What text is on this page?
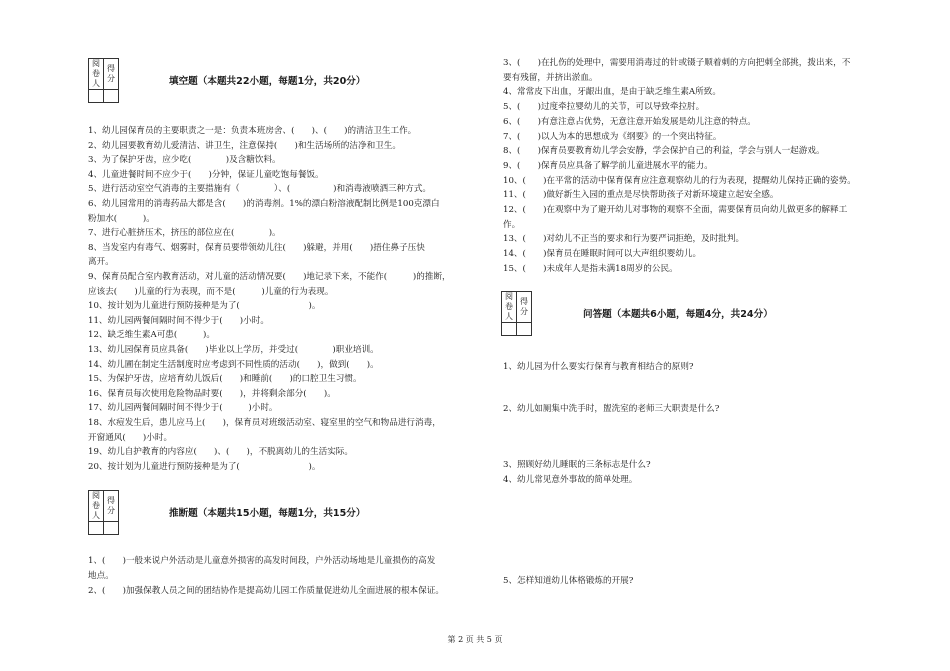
阅卷人	得分
		填空题（本题共22小题，每题1分，共20分）
1、幼儿园保育员的主要职责之一是：负责本班房舍、(　　)、(　　)的清洁卫生工作。
2、幼儿园要教育幼儿爱清洁、讲卫生，注意保持(　　)和生活场所的洁净和卫生。
3、为了保护牙齿，应少吃(　　　　)及含糖饮料。
4、儿童进餐时间不应少于(　　)分钟，保证儿童吃饱每餐饭。
5、进行活动室空气消毒的主要措施有（　　　　）、(　　　　　)和消毒液喷洒三种方式。
6、幼儿园常用的消毒药品大都是含(　　)的消毒剂。1%的漂白粉溶液配制比例是100克漂白
粉加水(　　　)。
7、进行心脏挤压术，挤压的部位应在(　　　　)。
8、当发室内有毒气、烟雾时，保育员要带领幼儿往(　　)躲避，并用(　　)捂住鼻子压快
离开。
9、保育员配合室内教育活动，对儿童的活动情况要(　　)地记录下来，不能作(　　　)的推断，
应该去(　　)儿童的行为表现，而不是(　　　)儿童的行为表现。
10、按计划为儿童进行预防接种是为了(　　　　　　　　)。
11、幼儿园两餐间隔时间不得少于(　　)小时。
12、缺乏维生素A可患(　　　)。
13、幼儿园保育员应具备(　　)毕业以上学历，并受过(　　　　)职业培训。
14、幼儿圃在制定生活制度时应考虑到不同性质的活动(　　)，做到(　　)。
15、为保护牙齿，应培育幼儿饭后(　　)和睡前(　　)的口腔卫生习惯。
16、保育员每次使用危险物品时要(　　)，并将剩余部分(　　)。
17、幼儿园两餐间隔时间不得少于(　　　)小时。
18、水痘发生后，患儿应马上(　　)，保育员对班级活动室、寝室里的空气和物品进行消毒，
开窗通风(　　)小时。
19、幼儿自护教育的内容应(　　)、(　　)，不脱离幼儿的生活实际。
20、按计划为儿童进行预防接种是为了(　　　　　　　　)。
阅卷人	得分
		推断题（本题共15小题，每题1分，共15分）
1、(　　)一般来说户外活动是儿童意外损害的高发时间段，户外活动场地是儿童损伤的高发
地点。
2、(　　)加强保教人员之间的团结协作是提高幼儿园工作质量促进幼儿全面进展的根本保证。
3、(　　)在扎伤的处理中，需要用消毒过的针或镊子顺着刺的方向把刺全部挑，拨出来，不
要有残留，并挤出淤血。
4、常常皮下出血，牙龈出血，是由于缺乏维生素A所致。
5、(　　)过度牵拉婴幼儿的关节，可以导致牵拉肘。
6、(　　)有意注意占优势，无意注意开始发展是幼儿注意的特点。
7、(　　)以人为本的思想成为《纲要》的一个突出特征。
8、(　　)保育员要教育幼儿学会安静，学会保护自己的利益，学会与别人一起游戏。
9、(　　)保育员应具备了解学前儿童进展水平的能力。
10、(　　)在平常的活动中保育保育应注意观察幼儿的行为表现，提醒幼儿保持正确的姿势。
11、(　　)做好新生入园的重点是尽快帮助孩子对新环境建立起安全感。
12、(　　)在观察中为了避开幼儿对事物的观察不全面，需要保育员向幼儿做更多的解释工
作。
13、(　　)对幼儿不正当的要求和行为要严词拒绝，及时批判。
14、(　　)保育员在睡眠时间可以大声组织婴幼儿。
15、(　　)未成年人是指未满18周岁的公民。
阅卷人	得分
		问答题（本题共6小题，每题4分，共24分）
1、幼儿园为什么要实行保育与教育相结合的原则?
2、幼儿如厕集中洗手时，盥洗室的老师三大职责是什么?
3、照顾好幼儿睡眠的三条标志是什么?
4、幼儿常见意外事故的简单处理。
5、怎样知道幼儿体格锻炼的开展?
第 2 页 共 5 页
